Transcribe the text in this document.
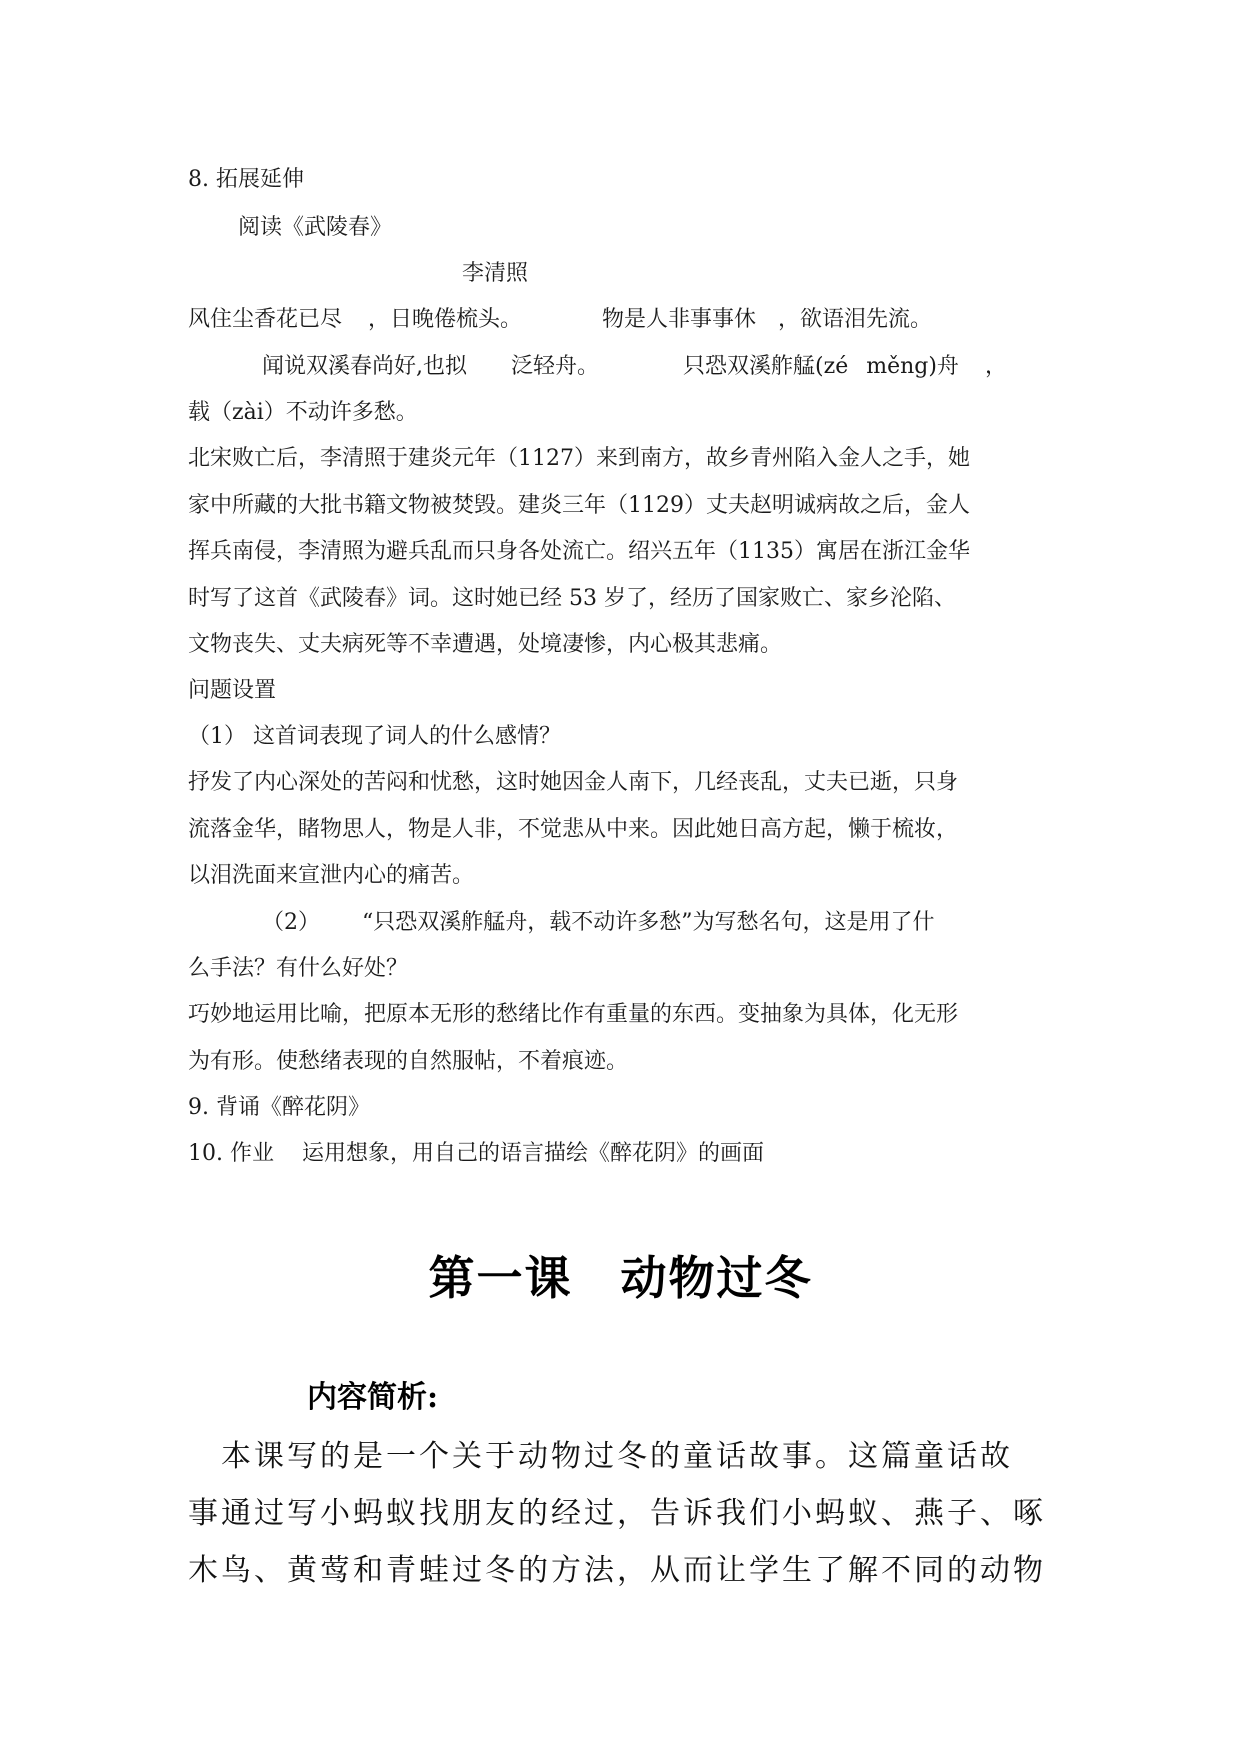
8. 拓展延伸
阅读《武陵春》
李清照
风住尘香花已尽 ，日晚倦梳头。	物是人非事事休 ，欲语泪先流。
闻说双溪春尚好,也拟 泛轻舟。	只恐双溪舴艋(zé měng)舟 ，
载（zài）不动许多愁。
北宋败亡后，李清照于建炎元年（1127）来到南方，故乡青州陷入金人之手，她
家中所藏的大批书籍文物被焚毁。建炎三年（1129）丈夫赵明诚病故之后，金人
挥兵南侵，李清照为避兵乱而只身各处流亡。绍兴五年（1135）寓居在浙江金华
时写了这首《武陵春》词。这时她已经 53 岁了，经历了国家败亡、家乡沦陷、
文物丧失、丈夫病死等不幸遭遇，处境凄惨，内心极其悲痛。
问题设置
（1） 这首词表现了词人的什么感情？
抒发了内心深处的苦闷和忧愁，这时她因金人南下，几经丧乱，丈夫已逝，只身
流落金华，睹物思人，物是人非，不觉悲从中来。因此她日高方起，懒于梳妆，
以泪洗面来宣泄内心的痛苦。
（2） “只恐双溪舴艋舟，载不动许多愁”为写愁名句，这是用了什
么手法？有什么好处？
巧妙地运用比喻，把原本无形的愁绪比作有重量的东西。变抽象为具体，化无形
为有形。使愁绪表现的自然服帖，不着痕迹。
9. 背诵《醉花阴》
10. 作业 运用想象，用自己的语言描绘《醉花阴》的画面
第一课　动物过冬
内容简析:
　本课写的是一个关于动物过冬的童话故事。这篇童话故
事通过写小蚂蚁找朋友的经过，告诉我们小蚂蚁、燕子、啄
木鸟、黄莺和青蛙过冬的方法，从而让学生了解不同的动物
